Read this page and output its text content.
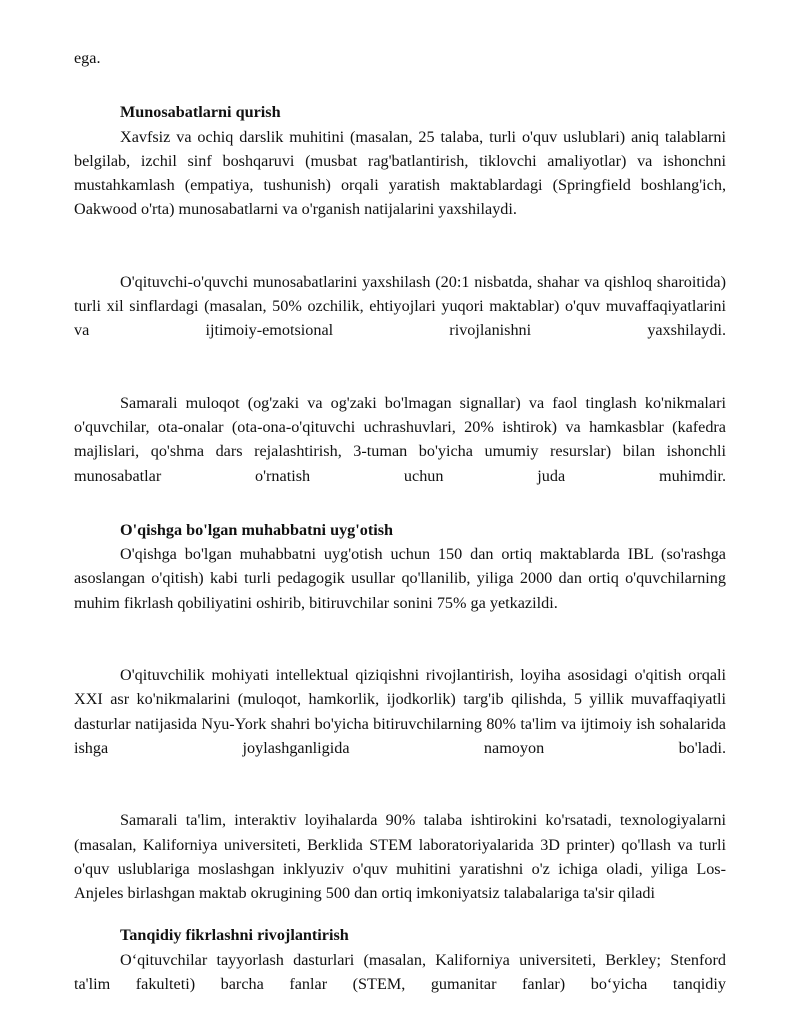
ega.

Munosabatlarni qurish

Xavfsiz va ochiq darslik muhitini (masalan, 25 talaba, turli o'quv uslublari) aniq talablarni belgilab, izchil sinf boshqaruvi (musbat rag'batlantirish, tiklovchi amaliyotlar) va ishonchni mustahkamlash (empatiya, tushunish) orqali yaratish maktablardagi (Springfield boshlang'ich, Oakwood o'rta) munosabatlarni va o'rganish natijalarini yaxshilaydi.

O'qituvchi-o'quvchi munosabatlarini yaxshilash (20:1 nisbatda, shahar va qishloq sharoitida) turli xil sinflardagi (masalan, 50% ozchilik, ehtiyojlari yuqori maktablar) o'quv muvaffaqiyatlarini va ijtimoiy-emotsional rivojlanishni yaxshilaydi.

Samarali muloqot (og'zaki va og'zaki bo'lmagan signallar) va faol tinglash ko'nikmalari o'quvchilar, ota-onalar (ota-ona-o'qituvchi uchrashuvlari, 20% ishtirok) va hamkasblar (kafedra majlislari, qo'shma dars rejalashtirish, 3-tuman bo'yicha umumiy resurslar) bilan ishonchli munosabatlar o'rnatish uchun juda muhimdir.

O'qishga bo'lgan muhabbatni uyg'otish

O'qishga bo'lgan muhabbatni uyg'otish uchun 150 dan ortiq maktablarda IBL (so'rashga asoslangan o'qitish) kabi turli pedagogik usullar qo'llanilib, yiliga 2000 dan ortiq o'quvchilarning muhim fikrlash qobiliyatini oshirib, bitiruvchilar sonini 75% ga yetkazildi.

O'qituvchilik mohiyati intellektual qiziqishni rivojlantirish, loyiha asosidagi o'qitish orqali XXI asr ko'nikmalarini (muloqot, hamkorlik, ijodkorlik) targ'ib qilishda, 5 yillik muvaffaqiyatli dasturlar natijasida Nyu-York shahri bo'yicha bitiruvchilarning 80% ta'lim va ijtimoiy ish sohalarida ishga joylashganligida namoyon bo'ladi.

Samarali ta'lim, interaktiv loyihalarda 90% talaba ishtirokini ko'rsatadi, texnologiyalarni (masalan, Kaliforniya universiteti, Berklida STEM laboratoriyalarida 3D printer) qo'llash va turli o'quv uslublariga moslashgan inklyuziv o'quv muhitini yaratishni o'z ichiga oladi, yiliga Los-Anjeles birlashgan maktab okrugining 500 dan ortiq imkoniyatsiz talabalariga ta'sir qiladi

Tanqidiy fikrlashni rivojlantirish

O‘qituvchilar tayyorlash dasturlari (masalan, Kaliforniya universiteti, Berkley; Stenford ta'lim fakulteti) barcha fanlar (STEM, gumanitar fanlar) bo‘yicha tanqidiy
